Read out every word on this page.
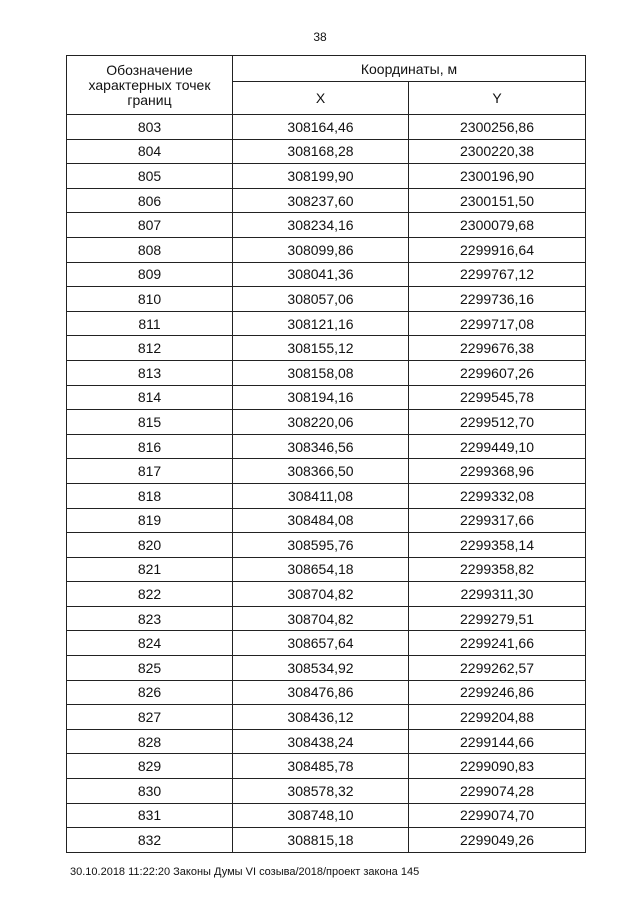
38
Обозначение характерных точек границ	Координаты, м	
	X	Y
803	308164,46	2300256,86
804	308168,28	2300220,38
805	308199,90	2300196,90
806	308237,60	2300151,50
807	308234,16	2300079,68
808	308099,86	2299916,64
809	308041,36	2299767,12
810	308057,06	2299736,16
811	308121,16	2299717,08
812	308155,12	2299676,38
813	308158,08	2299607,26
814	308194,16	2299545,78
815	308220,06	2299512,70
816	308346,56	2299449,10
817	308366,50	2299368,96
818	308411,08	2299332,08
819	308484,08	2299317,66
820	308595,76	2299358,14
821	308654,18	2299358,82
822	308704,82	2299311,30
823	308704,82	2299279,51
824	308657,64	2299241,66
825	308534,92	2299262,57
826	308476,86	2299246,86
827	308436,12	2299204,88
828	308438,24	2299144,66
829	308485,78	2299090,83
830	308578,32	2299074,28
831	308748,10	2299074,70
832	308815,18	2299049,26
30.10.2018 11:22:20 Законы Думы VI созыва/2018/проект закона 145
